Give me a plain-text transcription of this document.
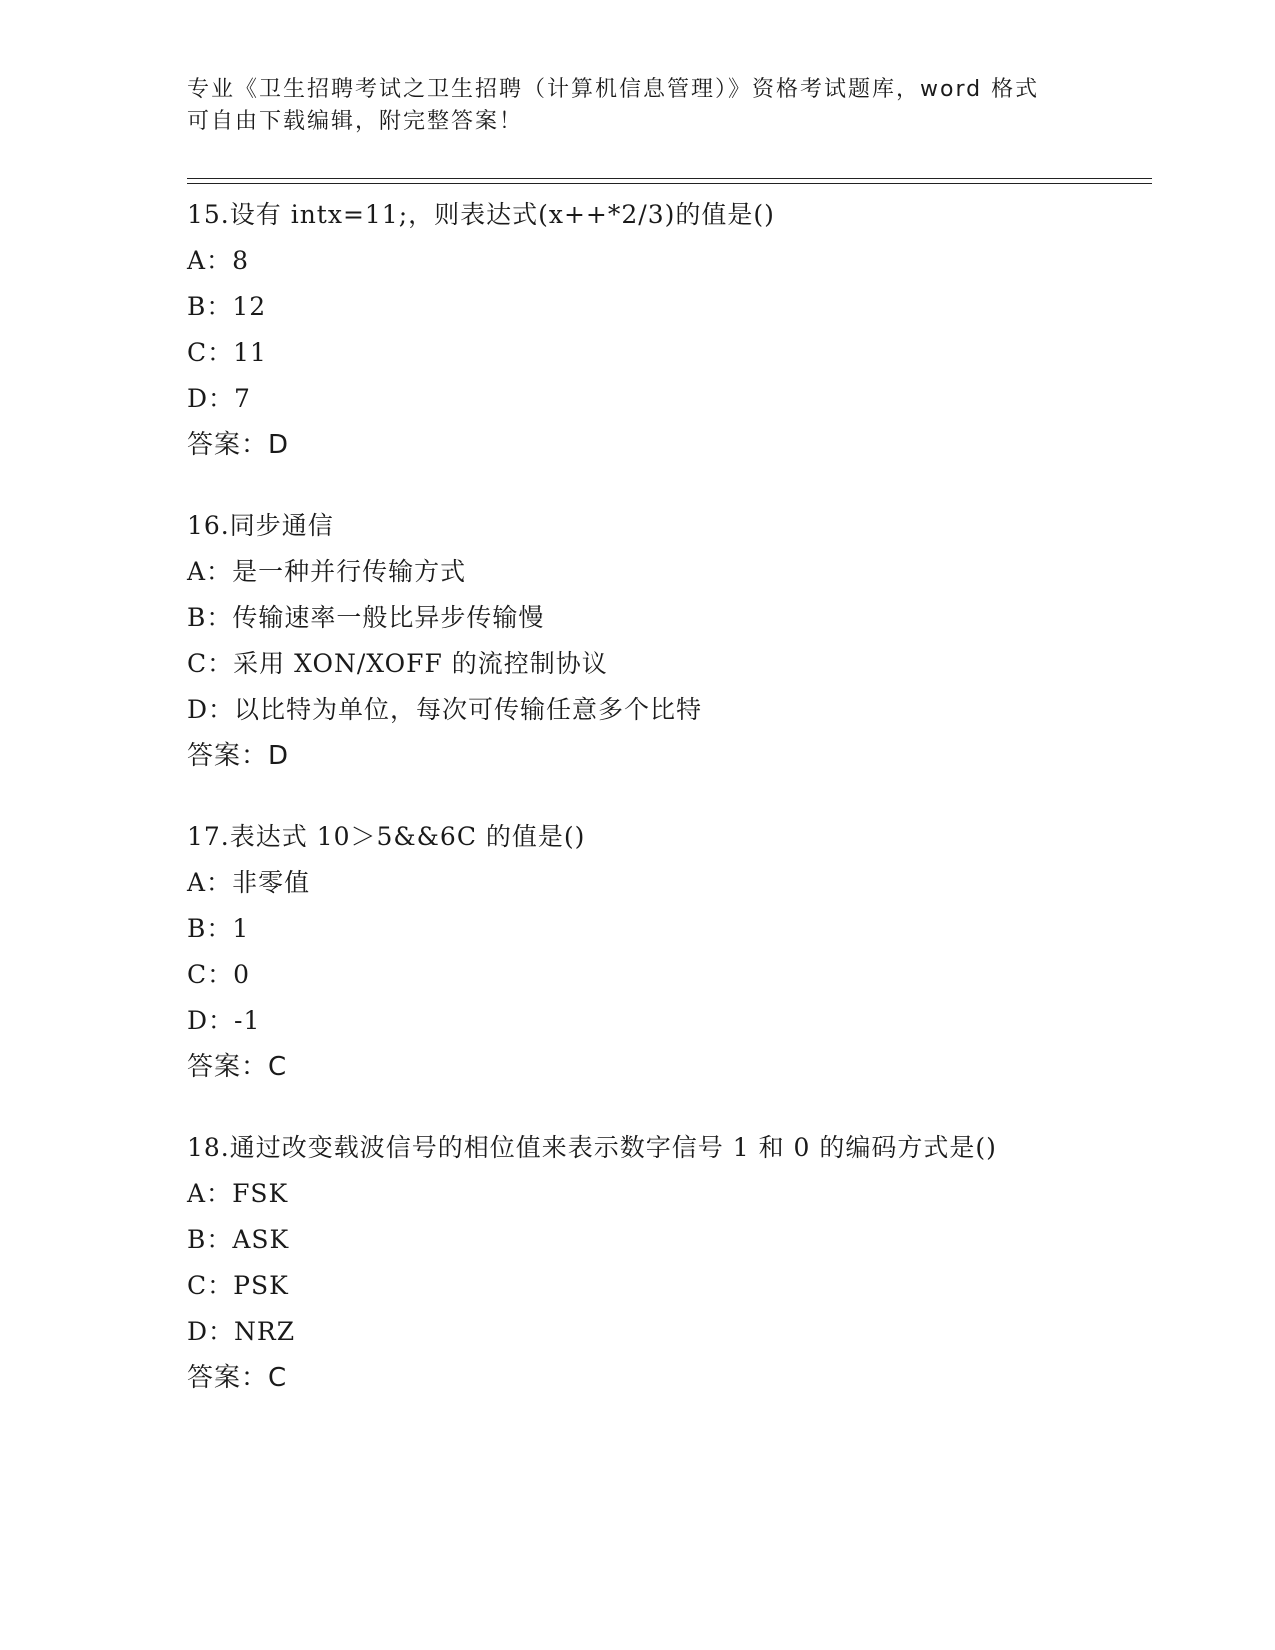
专业《卫生招聘考试之卫生招聘（计算机信息管理）》资格考试题库，word 格式
可自由下载编辑，附完整答案！
15.设有 intx=11;，则表达式(x++*2/3)的值是()
A：8
B：12
C：11
D：7
答案：D
16.同步通信
A：是一种并行传输方式
B：传输速率一般比异步传输慢
C：采用 XON/XOFF 的流控制协议
D：以比特为单位，每次可传输任意多个比特
答案：D
17.表达式 10＞5&&6C 的值是()
A：非零值
B：1
C：0
D：-1
答案：C
18.通过改变载波信号的相位值来表示数字信号 1 和 0 的编码方式是()
A：FSK
B：ASK
C：PSK
D：NRZ
答案：C
